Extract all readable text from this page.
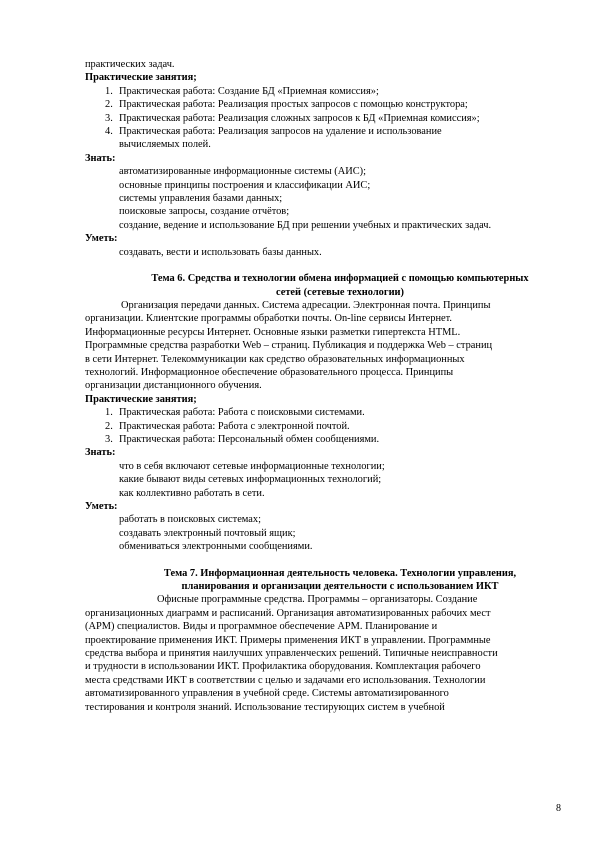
практических задач.
Практические занятия;
1. Практическая работа: Создание БД «Приемная комиссия»;
2. Практическая работа: Реализация простых запросов с помощью конструктора;
3. Практическая работа: Реализация сложных запросов к БД «Приемная комиссия»;
4. Практическая работа: Реализация запросов на удаление и использование
вычисляемых полей.
Знать:
автоматизированные информационные системы (АИС);
основные принципы построения и классификации АИС;
системы управления базами данных;
поисковые запросы, создание отчётов;
создание, ведение и использование БД при решении учебных и практических задач.
Уметь:
создавать, вести и использовать базы данных.
Тема 6. Средства и технологии обмена информацией с помощью компьютерных
сетей (сетевые технологии)
Организация передачи данных. Система адресации. Электронная почта. Принципы
организации. Клиентские программы обработки почты. On-line сервисы Интернет.
Информационные ресурсы Интернет. Основные языки разметки гипертекста HTML.
Программные средства разработки Web – страниц. Публикация и поддержка Web – страниц
в сети Интернет. Телекоммуникации как средство образовательных информационных
технологий. Информационное обеспечение образовательного процесса. Принципы
организации дистанционного обучения.
Практические занятия;
1. Практическая работа: Работа с поисковыми системами.
2. Практическая работа: Работа с электронной почтой.
3. Практическая работа: Персональный обмен сообщениями.
Знать:
что в себя включают сетевые информационные технологии;
какие бывают виды сетевых информационных технологий;
как коллективно работать в сети.
Уметь:
работать в поисковых системах;
создавать электронный почтовый ящик;
обмениваться электронными сообщениями.
Тема 7. Информационная деятельность человека. Технологии управления,
планирования и организации деятельности с использованием ИКТ
Офисные программные средства. Программы – организаторы. Создание
организационных диаграмм и расписаний. Организация автоматизированных рабочих мест
(АРМ) специалистов. Виды и программное обеспечение АРМ. Планирование и
проектирование применения ИКТ. Примеры применения ИКТ в управлении. Программные
средства выбора и принятия наилучших управленческих решений. Типичные неисправности
и трудности в использовании ИКТ. Профилактика оборудования. Комплектация рабочего
места средствами ИКТ в соответствии с целью и задачами его использования. Технологии
автоматизированного управления в учебной среде. Системы автоматизированного
тестирования и контроля знаний. Использование тестирующих систем в учебной
8
